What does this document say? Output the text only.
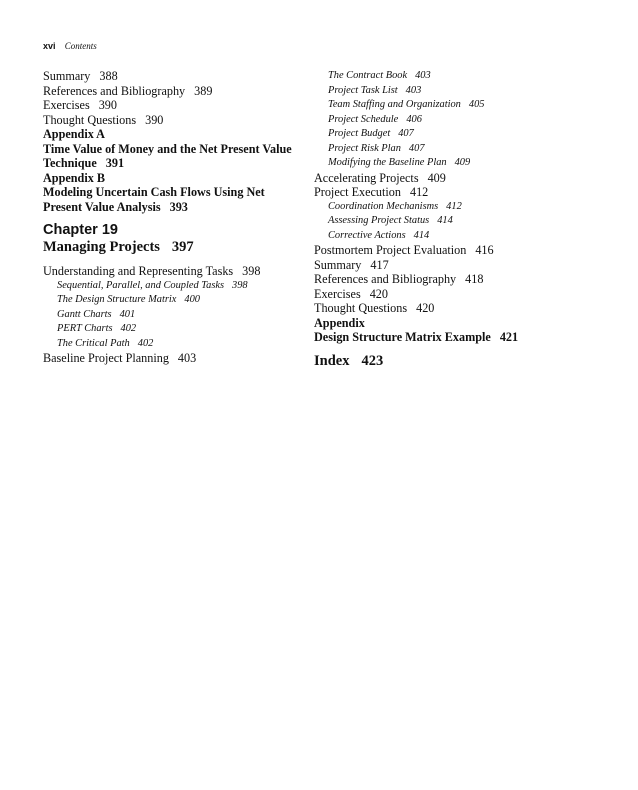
xvi Contents
Summary 388
References and Bibliography 389
Exercises 390
Thought Questions 390
Appendix A
Time Value of Money and the Net Present Value
Technique 391
Appendix B
Modeling Uncertain Cash Flows Using Net
Present Value Analysis 393
Chapter 19
Managing Projects 397
Understanding and Representing Tasks 398
Sequential, Parallel, and Coupled Tasks 398
The Design Structure Matrix 400
Gantt Charts 401
PERT Charts 402
The Critical Path 402
Baseline Project Planning 403
The Contract Book 403
Project Task List 403
Team Staffing and Organization 405
Project Schedule 406
Project Budget 407
Project Risk Plan 407
Modifying the Baseline Plan 409
Accelerating Projects 409
Project Execution 412
Coordination Mechanisms 412
Assessing Project Status 414
Corrective Actions 414
Postmortem Project Evaluation 416
Summary 417
References and Bibliography 418
Exercises 420
Thought Questions 420
Appendix
Design Structure Matrix Example 421
Index 423
